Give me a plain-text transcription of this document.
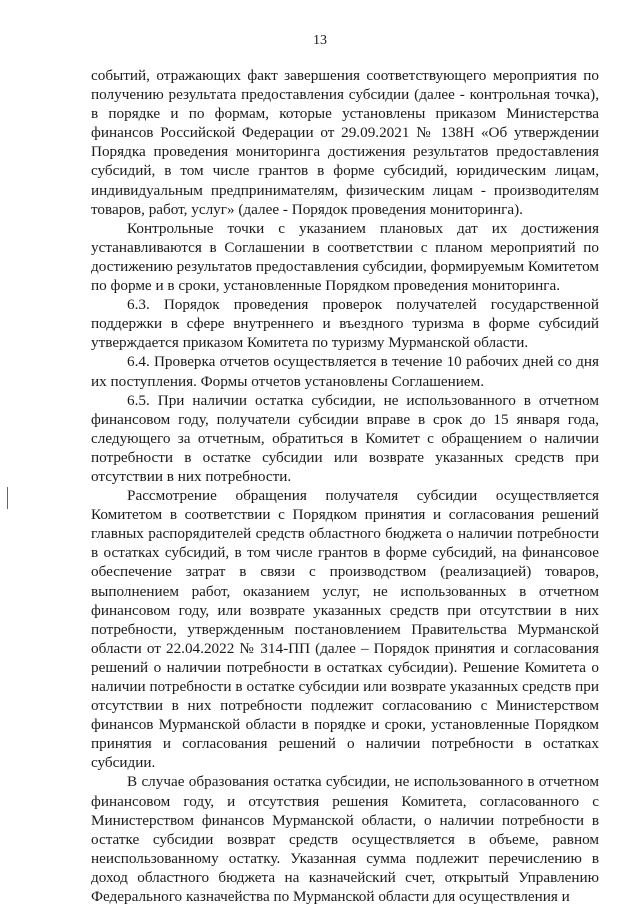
13

событий, отражающих факт завершения соответствующего мероприятия по получению результата предоставления субсидии (далее - контрольная точка), в порядке и по формам, которые установлены приказом Министерства финансов Российской Федерации от 29.09.2021 № 138Н «Об утверждении Порядка проведения мониторинга достижения результатов предоставления субсидий, в том числе грантов в форме субсидий, юридическим лицам, индивидуальным предпринимателям, физическим лицам - производителям товаров, работ, услуг» (далее - Порядок проведения мониторинга).

Контрольные точки с указанием плановых дат их достижения устанавливаются в Соглашении в соответствии с планом мероприятий по достижению результатов предоставления субсидии, формируемым Комитетом по форме и в сроки, установленные Порядком проведения мониторинга.

6.3. Порядок проведения проверок получателей государственной поддержки в сфере внутреннего и въездного туризма в форме субсидий утверждается приказом Комитета по туризму Мурманской области.

6.4. Проверка отчетов осуществляется в течение 10 рабочих дней со дня их поступления. Формы отчетов установлены Соглашением.

6.5. При наличии остатка субсидии, не использованного в отчетном финансовом году, получатели субсидии вправе в срок до 15 января года, следующего за отчетным, обратиться в Комитет с обращением о наличии потребности в остатке субсидии или возврате указанных средств при отсутствии в них потребности.

Рассмотрение обращения получателя субсидии осуществляется Комитетом в соответствии с Порядком принятия и согласования решений главных распорядителей средств областного бюджета о наличии потребности в остатках субсидий, в том числе грантов в форме субсидий, на финансовое обеспечение затрат в связи с производством (реализацией) товаров, выполнением работ, оказанием услуг, не использованных в отчетном финансовом году, или возврате указанных средств при отсутствии в них потребности, утвержденным постановлением Правительства Мурманской области от 22.04.2022 № 314-ПП (далее – Порядок принятия и согласования решений о наличии потребности в остатках субсидии). Решение Комитета о наличии потребности в остатке субсидии или возврате указанных средств при отсутствии в них потребности подлежит согласованию с Министерством финансов Мурманской области в порядке и сроки, установленные Порядком принятия и согласования решений о наличии потребности в остатках субсидии.

В случае образования остатка субсидии, не использованного в отчетном финансовом году, и отсутствия решения Комитета, согласованного с Министерством финансов Мурманской области, о наличии потребности в остатке субсидии возврат средств осуществляется в объеме, равном неиспользованному остатку. Указанная сумма подлежит перечислению в доход областного бюджета на казначейский счет, открытый Управлению Федерального казначейства по Мурманской области для осуществления и
